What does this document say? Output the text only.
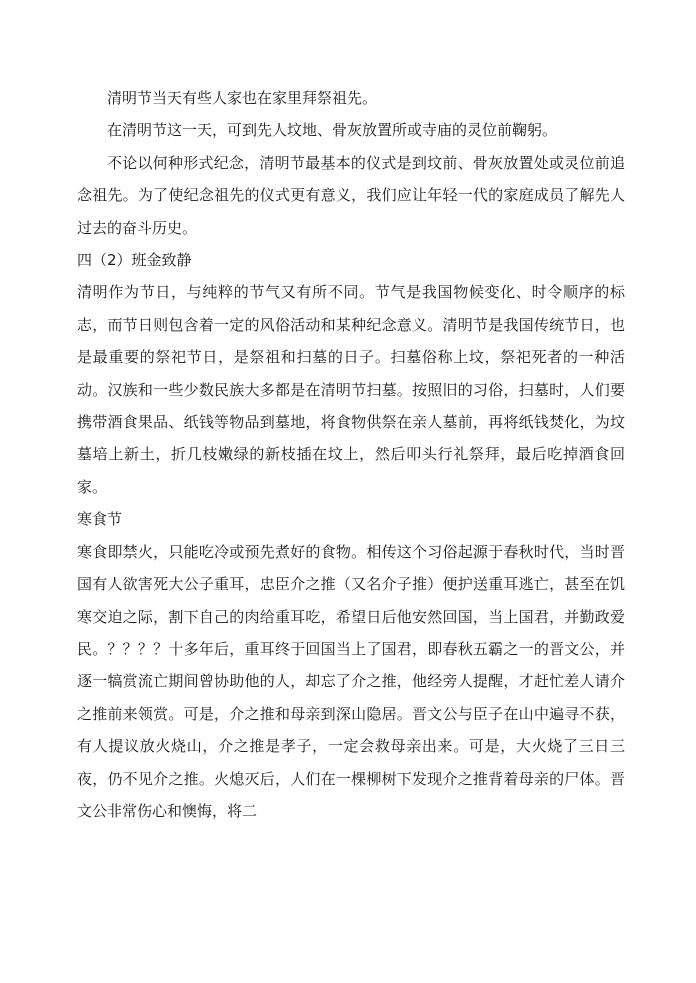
清明节当天有些人家也在家里拜祭祖先。

在清明节这一天，可到先人坟地、骨灰放置所或寺庙的灵位前鞠躬。

不论以何种形式纪念，清明节最基本的仪式是到坟前、骨灰放置处或灵位前追念祖先。为了使纪念祖先的仪式更有意义，我们应让年轻一代的家庭成员了解先人过去的奋斗历史。

四（2）班金致静

清明作为节日，与纯粹的节气又有所不同。节气是我国物候变化、时令顺序的标志，而节日则包含着一定的风俗活动和某种纪念意义。清明节是我国传统节日，也是最重要的祭祀节日，是祭祖和扫墓的日子。扫墓俗称上坟，祭祀死者的一种活动。汉族和一些少数民族大多都是在清明节扫墓。按照旧的习俗，扫墓时，人们要携带酒食果品、纸钱等物品到墓地，将食物供祭在亲人墓前，再将纸钱焚化，为坟墓培上新土，折几枝嫩绿的新枝插在坟上，然后叩头行礼祭拜，最后吃掉酒食回家。

寒食节

寒食即禁火，只能吃冷或预先煮好的食物。相传这个习俗起源于春秋时代，当时晋国有人欲害死大公子重耳，忠臣介之推（又名介子推）便护送重耳逃亡，甚至在饥寒交迫之际，割下自己的肉给重耳吃，希望日后他安然回国，当上国君，并勤政爱民。？？？？十多年后，重耳终于回国当上了国君，即春秋五霸之一的晋文公，并逐一犒赏流亡期间曾协助他的人，却忘了介之推，他经旁人提醒，才赶忙差人请介之推前来领赏。可是，介之推和母亲到深山隐居。晋文公与臣子在山中遍寻不获，有人提议放火烧山，介之推是孝子，一定会救母亲出来。可是，大火烧了三日三夜，仍不见介之推。火熄灭后，人们在一棵柳树下发现介之推背着母亲的尸体。晋文公非常伤心和懊悔，将二
